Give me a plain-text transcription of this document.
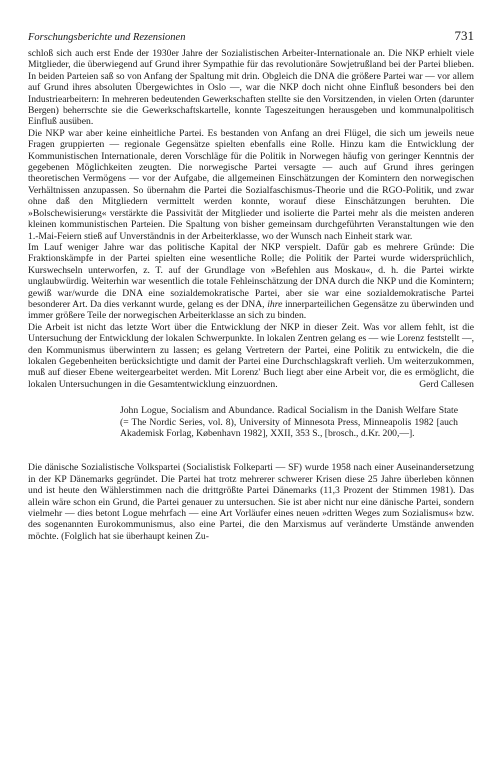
Forschungsberichte und Rezensionen	731

schloß sich auch erst Ende der 1930er Jahre der Sozialistischen Arbeiter-Internationale an. Die NKP erhielt viele Mitglieder, die überwiegend auf Grund ihrer Sympathie für das revolutionäre Sowjetrußland bei der Partei blieben. In beiden Parteien saß so von Anfang der Spaltung mit drin. Obgleich die DNA die größere Partei war — vor allem auf Grund ihres absoluten Übergewichtes in Oslo —, war die NKP doch nicht ohne Einfluß besonders bei den Industriearbeitern: In mehreren bedeutenden Gewerkschaften stellte sie den Vorsitzenden, in vielen Orten (darunter Bergen) beherrschte sie die Gewerkschaftskartelle, konnte Tageszeitungen herausgeben und kommunalpolitisch Einfluß ausüben.

Die NKP war aber keine einheitliche Partei. Es bestanden von Anfang an drei Flügel, die sich um jeweils neue Fragen gruppierten — regionale Gegensätze spielten ebenfalls eine Rolle. Hinzu kam die Entwicklung der Kommunistischen Internationale, deren Vorschläge für die Politik in Norwegen häufig von geringer Kenntnis der gegebenen Möglichkeiten zeugten. Die norwegische Partei versagte — auch auf Grund ihres geringen theoretischen Vermögens — vor der Aufgabe, die allgemeinen Einschätzungen der Komintern den norwegischen Verhältnissen anzupassen. So übernahm die Partei die Sozialfaschismus-Theorie und die RGO-Politik, und zwar ohne daß den Mitgliedern vermittelt werden konnte, worauf diese Einschätzungen beruhten. Die »Bolschewisierung« verstärkte die Passivität der Mitglieder und isolierte die Partei mehr als die meisten anderen kleinen kommunistischen Parteien. Die Spaltung von bisher gemeinsam durchgeführten Veranstaltungen wie den 1.-Mai-Feiern stieß auf Unverständnis in der Arbeiterklasse, wo der Wunsch nach Einheit stark war.

Im Lauf weniger Jahre war das politische Kapital der NKP verspielt. Dafür gab es mehrere Gründe: Die Fraktionskämpfe in der Partei spielten eine wesentliche Rolle; die Politik der Partei wurde widersprüchlich, Kurswechseln unterworfen, z. T. auf der Grundlage von »Befehlen aus Moskau«, d. h. die Partei wirkte unglaubwürdig. Weiterhin war wesentlich die totale Fehleinschätzung der DNA durch die NKP und die Komintern; gewiß war/wurde die DNA eine sozialdemokratische Partei, aber sie war eine sozialdemokratische Partei besonderer Art. Da dies verkannt wurde, gelang es der DNA, ihre innerparteilichen Gegensätze zu überwinden und immer größere Teile der norwegischen Arbeiterklasse an sich zu binden.

Die Arbeit ist nicht das letzte Wort über die Entwicklung der NKP in dieser Zeit. Was vor allem fehlt, ist die Untersuchung der Entwicklung der lokalen Schwerpunkte. In lokalen Zentren gelang es — wie Lorenz feststellt —, den Kommunismus überwintern zu lassen; es gelang Vertretern der Partei, eine Politik zu entwickeln, die die lokalen Gegebenheiten berücksichtigte und damit der Partei eine Durchschlagskraft verlieh. Um weiterzukommen, muß auf dieser Ebene weitergearbeitet werden. Mit Lorenz' Buch liegt aber eine Arbeit vor, die es ermöglicht, die lokalen Untersuchungen in die Gesamtentwicklung einzuordnen.	Gerd Callesen

John Logue, Socialism and Abundance. Radical Socialism in the Danish Welfare State (= The Nordic Series, vol. 8), University of Minnesota Press, Minneapolis 1982 [auch Akademisk Forlag, København 1982], XXII, 353 S., [brosch., d.Kr. 200,—].

Die dänische Sozialistische Volkspartei (Socialistisk Folkeparti — SF) wurde 1958 nach einer Auseinandersetzung in der KP Dänemarks gegründet. Die Partei hat trotz mehrerer schwerer Krisen diese 25 Jahre überleben können und ist heute den Wählerstimmen nach die drittgrößte Partei Dänemarks (11,3 Prozent der Stimmen 1981). Das allein wäre schon ein Grund, die Partei genauer zu untersuchen. Sie ist aber nicht nur eine dänische Partei, sondern vielmehr — dies betont Logue mehrfach — eine Art Vorläufer eines neuen »dritten Weges zum Sozialismus« bzw. des sogenannten Eurokommunismus, also eine Partei, die den Marxismus auf veränderte Umstände anwenden möchte. (Folglich hat sie überhaupt keinen Zu-
